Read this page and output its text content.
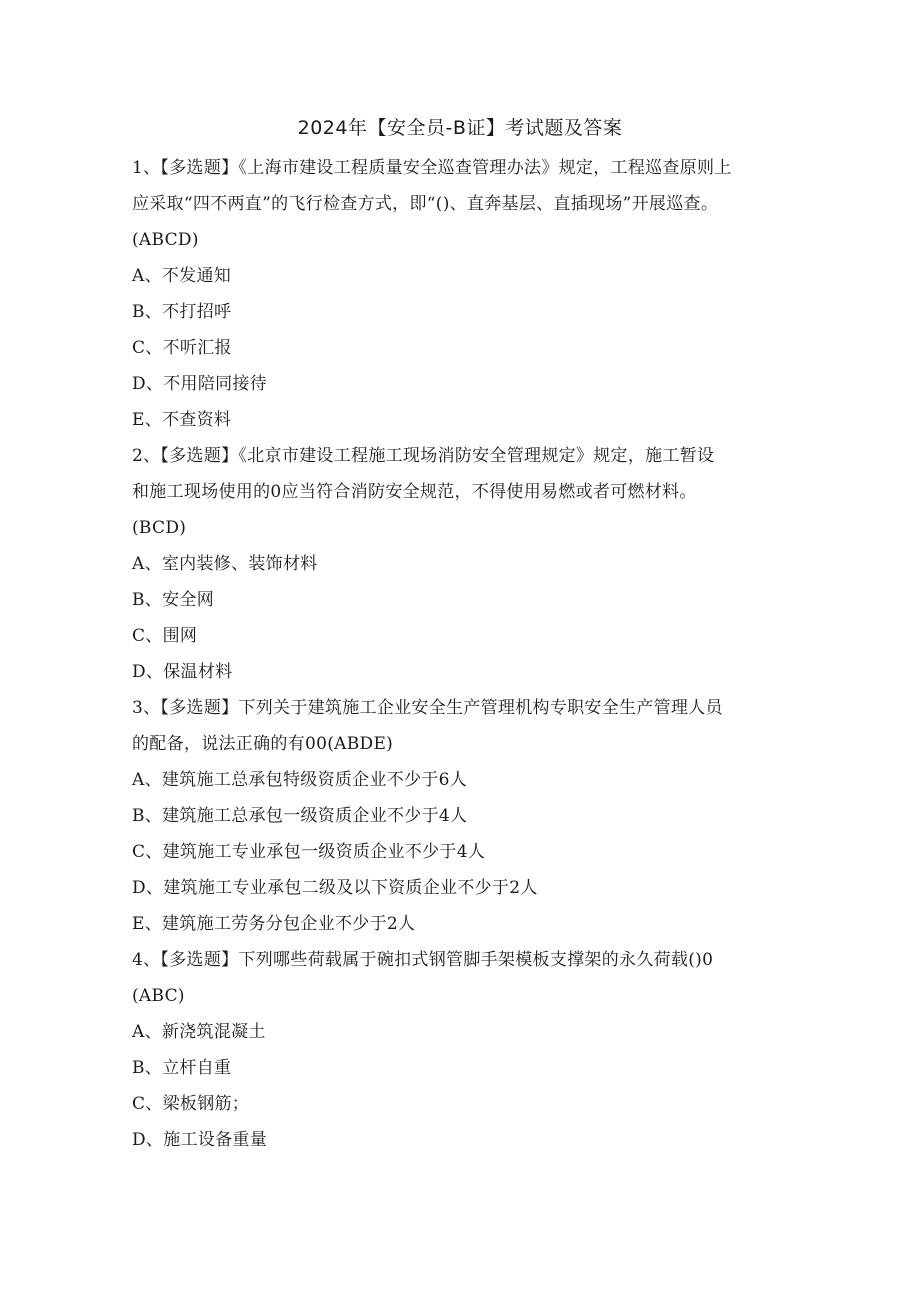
2024年【安全员-B证】考试题及答案
1、【多选题】《上海市建设工程质量安全巡查管理办法》规定，工程巡查原则上
应采取“四不两直”的飞行检查方式，即“()、直奔基层、直插现场”开展巡查。
(ABCD)
A、不发通知
B、不打招呼
C、不听汇报
D、不用陪同接待
E、不查资料
2、【多选题】《北京市建设工程施工现场消防安全管理规定》规定，施工暂设
和施工现场使用的0应当符合消防安全规范，不得使用易燃或者可燃材料。
(BCD)
A、室内装修、装饰材料
B、安全网
C、围网
D、保温材料
3、【多选题】下列关于建筑施工企业安全生产管理机构专职安全生产管理人员
的配备，说法正确的有00(ABDE)
A、建筑施工总承包特级资质企业不少于6人
B、建筑施工总承包一级资质企业不少于4人
C、建筑施工专业承包一级资质企业不少于4人
D、建筑施工专业承包二级及以下资质企业不少于2人
E、建筑施工劳务分包企业不少于2人
4、【多选题】下列哪些荷载属于碗扣式钢管脚手架模板支撑架的永久荷载()0
(ABC)
A、新浇筑混凝土
B、立杆自重
C、梁板钢筋；
D、施工设备重量
